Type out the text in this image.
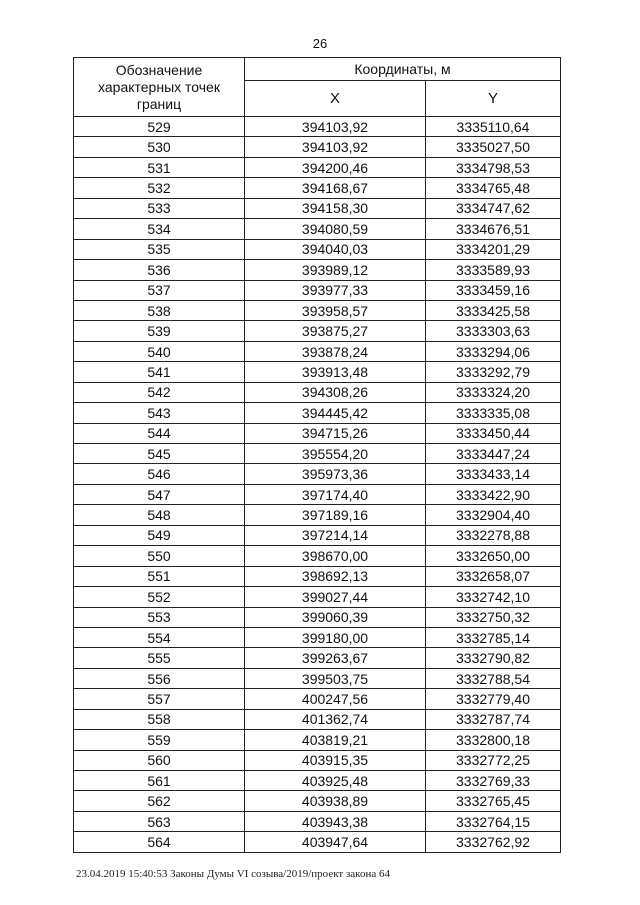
26
Обозначение характерных точек границ	Координаты, м	
	X	Y
529	394103,92	3335110,64
530	394103,92	3335027,50
531	394200,46	3334798,53
532	394168,67	3334765,48
533	394158,30	3334747,62
534	394080,59	3334676,51
535	394040,03	3334201,29
536	393989,12	3333589,93
537	393977,33	3333459,16
538	393958,57	3333425,58
539	393875,27	3333303,63
540	393878,24	3333294,06
541	393913,48	3333292,79
542	394308,26	3333324,20
543	394445,42	3333335,08
544	394715,26	3333450,44
545	395554,20	3333447,24
546	395973,36	3333433,14
547	397174,40	3333422,90
548	397189,16	3332904,40
549	397214,14	3332278,88
550	398670,00	3332650,00
551	398692,13	3332658,07
552	399027,44	3332742,10
553	399060,39	3332750,32
554	399180,00	3332785,14
555	399263,67	3332790,82
556	399503,75	3332788,54
557	400247,56	3332779,40
558	401362,74	3332787,74
559	403819,21	3332800,18
560	403915,35	3332772,25
561	403925,48	3332769,33
562	403938,89	3332765,45
563	403943,38	3332764,15
564	403947,64	3332762,92
23.04.2019 15:40:53 Законы Думы VI созыва/2019/проект закона 64
